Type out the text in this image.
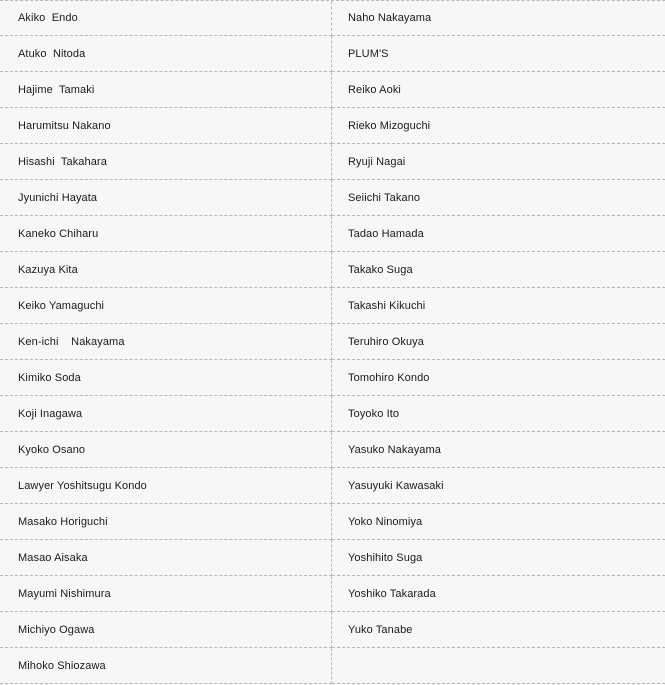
Akiko  Endo	Naho Nakayama
Atuko  Nitoda	PLUM'S
Hajime  Tamaki	Reiko Aoki
Harumitsu Nakano	Rieko Mizoguchi
Hisashi  Takahara	Ryuji Nagai
Jyunichi Hayata	Seiichi Takano
Kaneko Chiharu	Tadao Hamada
Kazuya Kita	Takako Suga
Keiko Yamaguchi	Takashi Kikuchi
Ken-ichi    Nakayama	Teruhiro Okuya
Kimiko Soda	Tomohiro Kondo
Koji Inagawa	Toyoko Ito
Kyoko Osano	Yasuko Nakayama
Lawyer Yoshitsugu Kondo	Yasuyuki Kawasaki
Masako Horiguchi	Yoko Ninomiya
Masao Aisaka	Yoshihito Suga
Mayumi Nishimura	Yoshiko Takarada
Michiyo Ogawa	Yuko Tanabe
Mihoko Shiozawa
